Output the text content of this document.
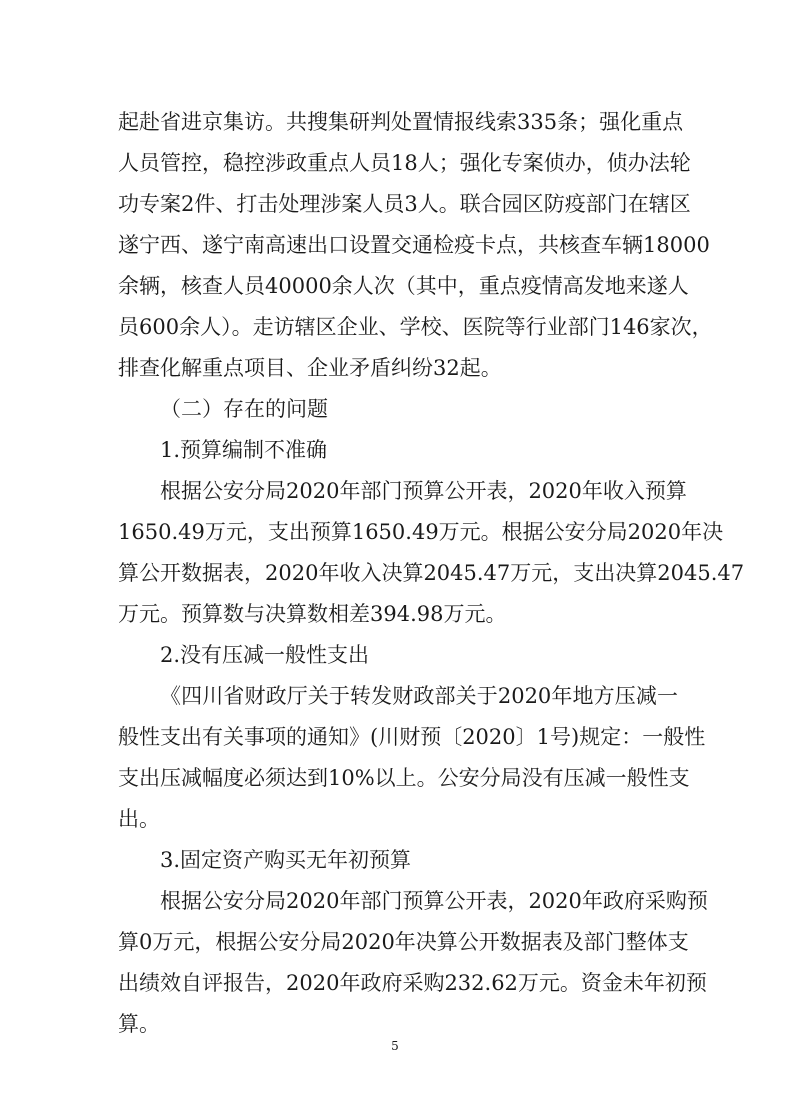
起赴省进京集访。共搜集研判处置情报线索335条；强化重点
人员管控，稳控涉政重点人员18人；强化专案侦办，侦办法轮
功专案2件、打击处理涉案人员3人。联合园区防疫部门在辖区
遂宁西、遂宁南高速出口设置交通检疫卡点，共核查车辆18000
余辆，核查人员40000余人次（其中，重点疫情高发地来遂人
员600余人）。走访辖区企业、学校、医院等行业部门146家次，
排查化解重点项目、企业矛盾纠纷32起。
（二）存在的问题
1.预算编制不准确
根据公安分局2020年部门预算公开表，2020年收入预算
1650.49万元，支出预算1650.49万元。根据公安分局2020年决
算公开数据表，2020年收入决算2045.47万元，支出决算2045.47
万元。预算数与决算数相差394.98万元。
2.没有压减一般性支出
《四川省财政厅关于转发财政部关于2020年地方压减一
般性支出有关事项的通知》(川财预〔2020〕1号)规定：一般性
支出压减幅度必须达到10%以上。公安分局没有压减一般性支
出。
3.固定资产购买无年初预算
根据公安分局2020年部门预算公开表，2020年政府采购预
算0万元，根据公安分局2020年决算公开数据表及部门整体支
出绩效自评报告，2020年政府采购232.62万元。资金未年初预
算。
5
